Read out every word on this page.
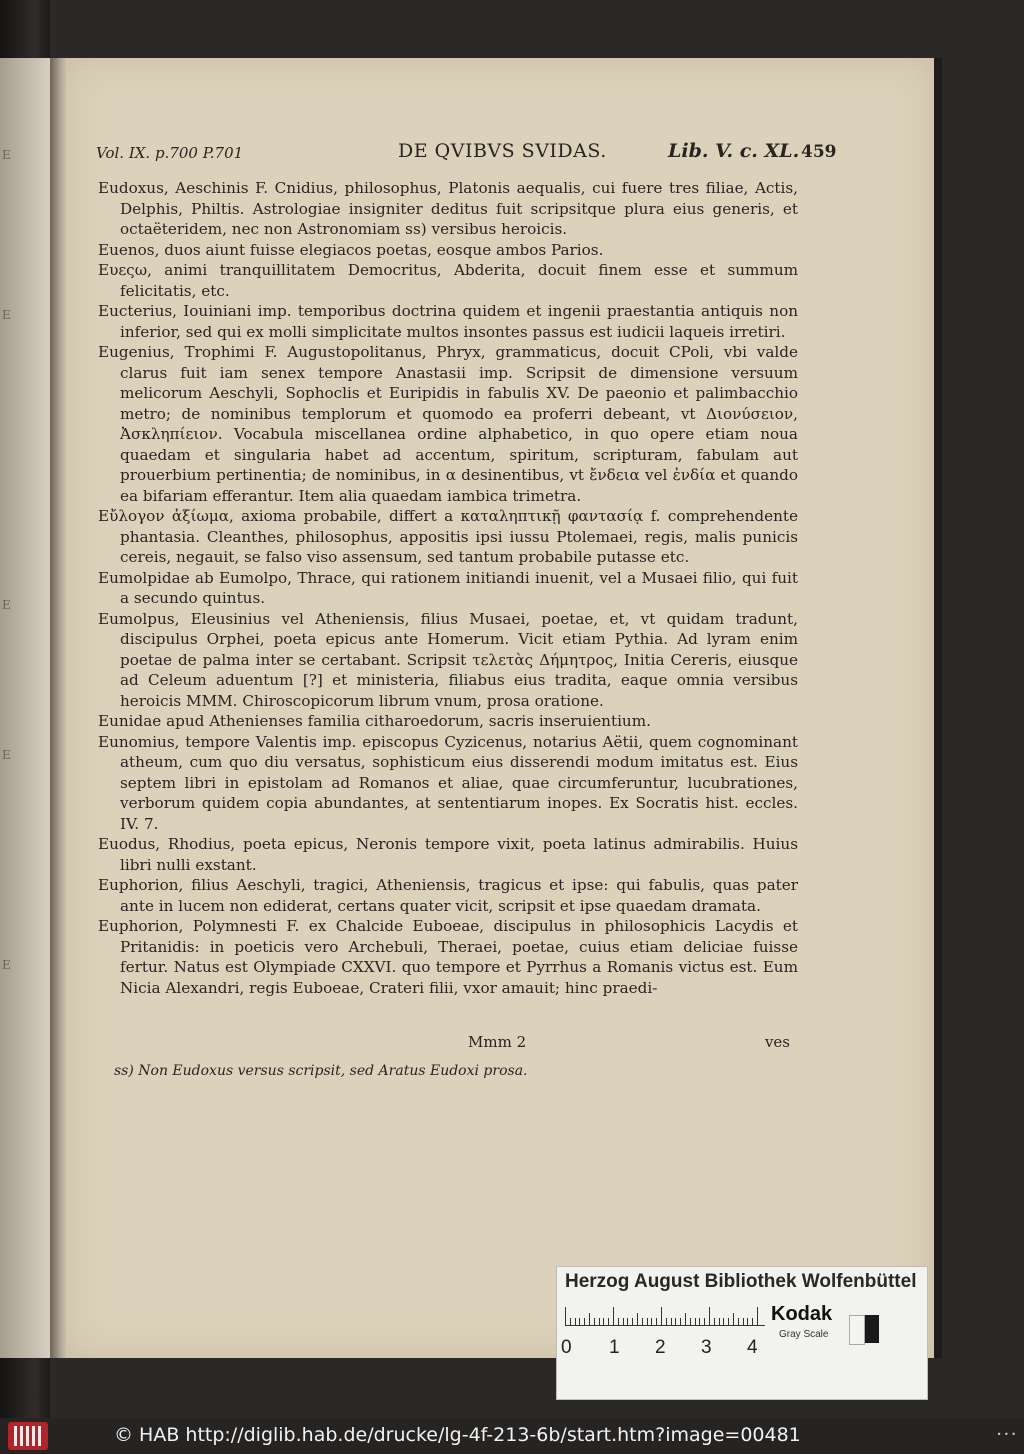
E
E
E
E
E
Vol. IX. p.700 P.701	DE QVIBVS SVIDAS.	Lib. V. c. XL. 459

Eudoxus, Aeschinis F. Cnidius, philosophus, Platonis aequalis, cui fuere tres filiae, Actis, Delphis, Philtis. Astrologiae insigniter deditus fuit scripsitque plura eius generis, et octaëteridem, nec non Astronomiam ss) versibus heroicis.

Euenos, duos aiunt fuisse elegiacos poetas, eosque ambos Parios.

Ευεςω, animi tranquillitatem Democritus, Abderita, docuit finem esse et summum felicitatis, etc.

Eucterius, Iouiniani imp. temporibus doctrina quidem et ingenii praestantia antiquis non inferior, sed qui ex molli simplicitate multos insontes passus est iudicii laqueis irretiri.

Eugenius, Trophimi F. Augustopolitanus, Phryx, grammaticus, docuit CPoli, vbi valde clarus fuit iam senex tempore Anastasii imp. Scripsit de dimensione versuum melicorum Aeschyli, Sophoclis et Euripidis in fabulis XV. De paeonio et palimbacchio metro; de nominibus templorum et quomodo ea proferri debeant, vt Διονύσειον, Ἀσκληπίειον. Vocabula miscellanea ordine alphabetico, in quo opere etiam noua quaedam et singularia habet ad accentum, spiritum, scripturam, fabulam aut prouerbium pertinentia; de nominibus, in α desinentibus, vt ἔνδεια vel ἐνδία et quando ea bifariam efferantur. Item alia quaedam iambica trimetra.

Εὔλογον ἀξίωμα, axioma probabile, differt a καταληπτικῇ φαντασίᾳ f. comprehendente phantasia. Cleanthes, philosophus, appositis ipsi iussu Ptolemaei, regis, malis punicis cereis, negauit, se falso viso assensum, sed tantum probabile putasse etc.

Eumolpidae ab Eumolpo, Thrace, qui rationem initiandi inuenit, vel a Musaei filio, qui fuit a secundo quintus.

Eumolpus, Eleusinius vel Atheniensis, filius Musaei, poetae, et, vt quidam tradunt, discipulus Orphei, poeta epicus ante Homerum. Vicit etiam Pythia. Ad lyram enim poetae de palma inter se certabant. Scripsit τελετὰς Δήμητρος, Initia Cereris, eiusque ad Celeum aduentum [?] et ministeria, filiabus eius tradita, eaque omnia versibus heroicis MMM. Chiroscopicorum librum vnum, prosa oratione.

Eunidae apud Athenienses familia citharoedorum, sacris inseruientium.

Eunomius, tempore Valentis imp. episcopus Cyzicenus, notarius Aëtii, quem cognominant atheum, cum quo diu versatus, sophisticum eius disserendi modum imitatus est. Eius septem libri in epistolam ad Romanos et aliae, quae circumferuntur, lucubrationes, verborum quidem copia abundantes, at sententiarum inopes. Ex Socratis hist. eccles. IV. 7.

Euodus, Rhodius, poeta epicus, Neronis tempore vixit, poeta latinus admirabilis. Huius libri nulli exstant.

Euphorion, filius Aeschyli, tragici, Atheniensis, tragicus et ipse: qui fabulis, quas pater ante in lucem non ediderat, certans quater vicit, scripsit et ipse quaedam dramata.

Euphorion, Polymnesti F. ex Chalcide Euboeae, discipulus in philosophicis Lacydis et Pritanidis: in poeticis vero Archebuli, Theraei, poetae, cuius etiam deliciae fuisse fertur. Natus est Olympiade CXXVI. quo tempore et Pyrrhus a Romanis victus est. Eum Nicia Alexandri, regis Euboeae, Crateri filii, vxor amauit; hinc praedi-

Mmm 2	ves
ss) Non Eudoxus versus scripsit, sed Aratus Eudoxi prosa.
Herzog August Bibliothek Wolfenbüttel
0 1 2 3 4
Kodak
Gray Scale
© HAB http://diglib.hab.de/drucke/lg-4f-213-6b/start.htm?image=00481	• • •
